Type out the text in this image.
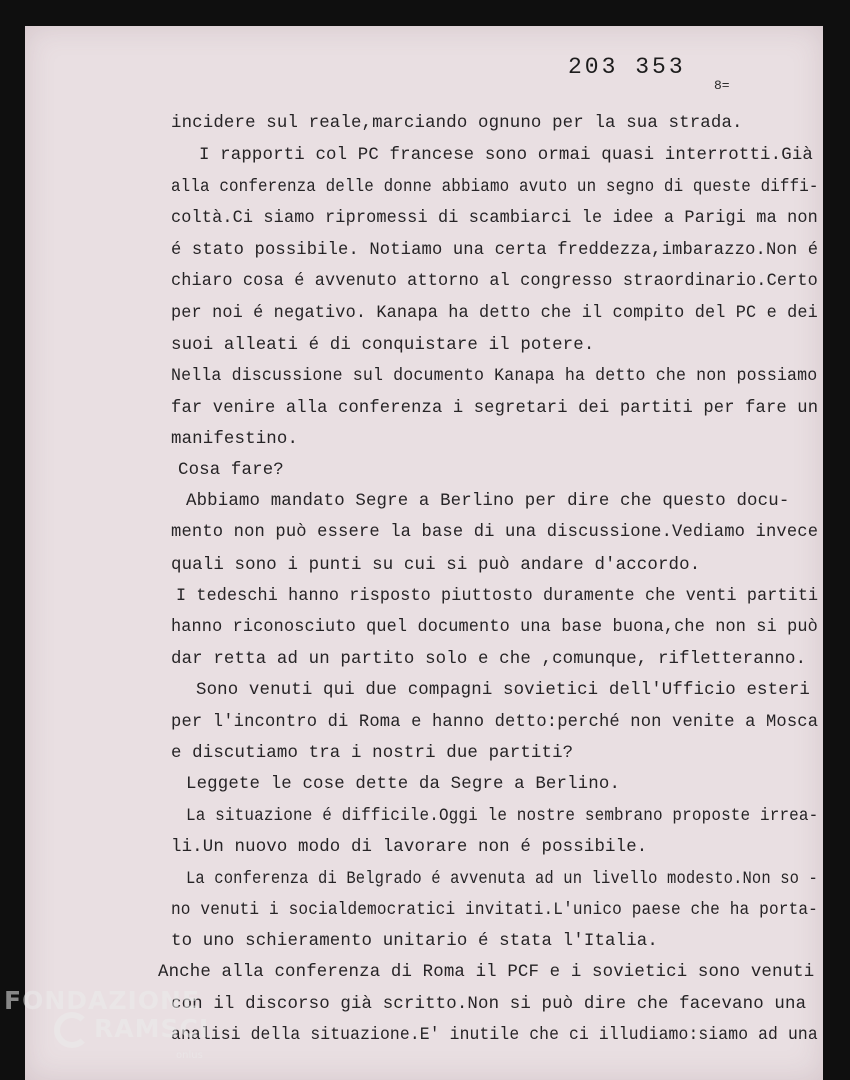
203 353
8=
incidere sul reale,marciando ognuno per la sua strada.
I rapporti col PC francese sono ormai quasi interrotti.Già
alla conferenza delle donne abbiamo avuto un segno di queste diffi-
coltà.Ci siamo ripromessi di scambiarci le idee a Parigi ma non
é stato possibile. Notiamo una certa freddezza,imbarazzo.Non é
chiaro cosa é avvenuto attorno al congresso straordinario.Certo
per noi é negativo. Kanapa ha detto che il compito del PC e dei
suoi alleati é di conquistare il potere.
Nella discussione sul documento Kanapa ha detto che non possiamo
far venire alla conferenza i segretari dei partiti per fare un
manifestino.
Cosa fare?
Abbiamo mandato Segre a Berlino per dire che questo docu-
mento non può essere la base di una discussione.Vediamo invece
quali sono i punti su cui si può andare d'accordo.
I tedeschi hanno risposto piuttosto duramente che venti partiti
hanno riconosciuto quel documento una base buona,che non si può
dar retta ad un partito solo e che ,comunque, rifletteranno.
Sono venuti qui due compagni sovietici dell'Ufficio esteri
per l'incontro di Roma e hanno detto:perché non venite a Mosca
e discutiamo tra i nostri due partiti?
Leggete le cose dette da Segre a Berlino.
La situazione é difficile.Oggi le nostre sembrano proposte irrea-
li.Un nuovo modo di lavorare non é possibile.
La conferenza di Belgrado é avvenuta ad un livello modesto.Non so -
no venuti i socialdemocratici invitati.L'unico paese che ha porta-
to uno schieramento unitario é stata l'Italia.
Anche alla conferenza di Roma il PCF e i sovietici sono venuti
con il discorso già scritto.Non si può dire che facevano una
analisi della situazione.E' inutile che ci illudiamo:siamo ad una
FONDAZIONE
RAMSCI
onlus
